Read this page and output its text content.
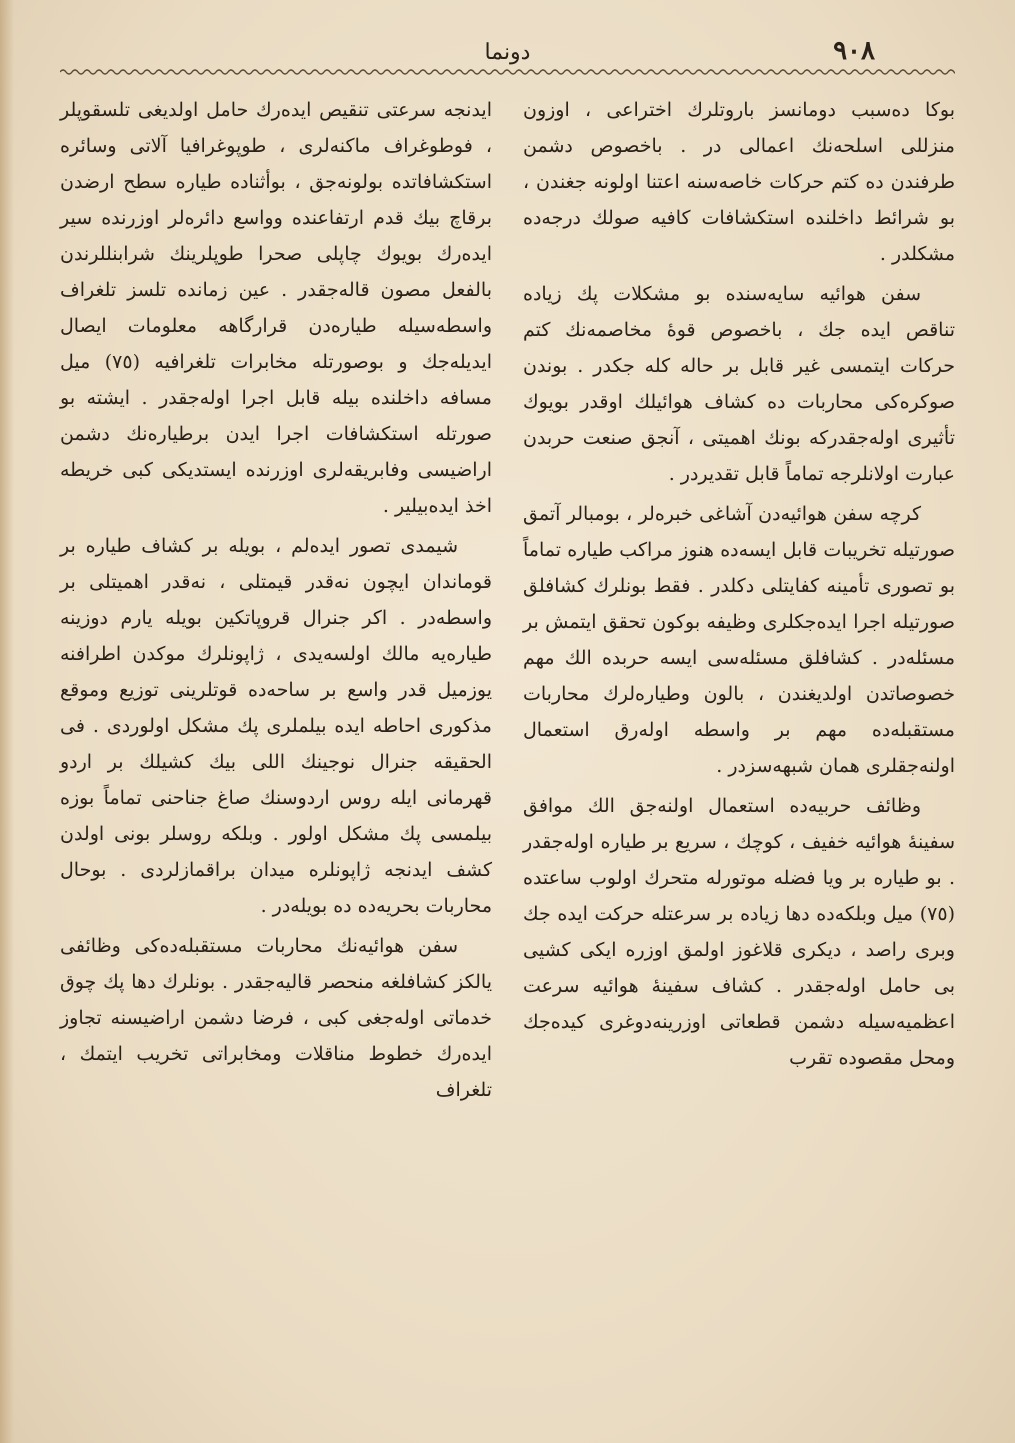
٩٠٨
دونما

بوكا دەسبب دومانسز باروتلرك اختراعى ، اوزون منزللى اسلحەنك اعمالى در . باخصوص دشمن طرفندن دە كتم حركات خاصەسنە اعتنا اولونە جغندن ، بو شرائط داخلندە استكشافات كافيە صولك درجەدە مشكلدر .

سفن هوائيە سايەسندە بو مشكلات پك زيادە تناقص ايدە جك ، باخصوص قوۀ مخاصمەنك كتم حركات ايتمسى غير قابل بر حالە كلە جكدر . بوندن صوكرەكى محاربات دە كشاف هوائيلك اوقدر بويوك تأثيرى اولەجقدركە بونك اهميتى ، آنجق صنعت حربدن عبارت اولانلرجە تماماً قابل تقديردر .

كرچە سفن هوائيەدن آشاغى خبرەلر ، بومبالر آتمق صورتيلە تخريبات قابل ايسەدە هنوز مراكب طيارە تماماً بو تصورى تأمينە كفايتلى دكلدر . فقط بونلرك كشافلق صورتيلە اجرا ايدەجكلرى وظيفە بوكون تحقق ايتمش بر مسئلەدر . كشافلق مسئلەسى ايسە حربدە الك مهم خصوصاتدن اولديغندن ، بالون وطيارەلرك محاربات مستقبلەدە مهم بر واسطە اولەرق استعمال اولنەجقلرى همان شبهەسزدر .

وظائف حربيەدە استعمال اولنەجق الك موافق سفينۀ هوائيە خفيف ، كوچك ، سريع بر طيارە اولەجقدر . بو طيارە بر ويا فضلە موتورلە متحرك اولوب ساعتدە (٧٥) ميل وبلكەدە دها زيادە بر سرعتلە حركت ايدە جك وبرى راصد ، ديكرى قلاغوز اولمق اوزرە ايكى كشيى بى حامل اولەجقدر . كشاف سفينۀ هوائيە سرعت اعظميەسيلە دشمن قطعاتى اوزرينەدوغرى كيدەجك ومحل مقصودە تقرب

ايدنجە سرعتى تنقيص ايدەرك حامل اولديغى تلسقوپلر ، فوطوغراف ماكنەلرى ، طوپوغرافيا آلاتى وسائرە استكشافاتدە بولونەجق ، بوأثنادە طيارە سطح ارضدن برقاچ بيك قدم ارتفاعندە وواسع دائرەلر اوزرندە سير ايدەرك بويوك چاپلى صحرا طوپلرينك شرابنللرندن بالفعل مصون قالەجقدر . عين زماندە تلسز تلغراف واسطەسيلە طيارەدن قرارگاهە معلومات ايصال ايديلەجك و بوصورتلە مخابرات تلغرافيە (٧٥) ميل مسافە داخلندە بيلە قابل اجرا اولەجقدر . ايشتە بو صورتلە استكشافات اجرا ايدن برطيارەنك دشمن اراضيسى وفابريقەلرى اوزرندە ايستديكى كبى خريطە اخذ ايدەبيلير .

شيمدى تصور ايدەلم ، بويلە بر كشاف طيارە بر قوماندان ايچون نەقدر قيمتلى ، نەقدر اهميتلى بر واسطەدر . اكر جنرال قروپاتكين بويلە يارم دوزينە طيارەيە مالك اولسەيدى ، ژاپونلرك موكدن اطرافنە يوزميل قدر واسع بر ساحەدە قوتلرينى توزيع وموقع مذكورى احاطە ايدە بيلملرى پك مشكل اولوردى . فى الحقيقە جنرال نوجينك اللى بيك كشيلك بر اردو قهرمانى ايلە روس اردوسنك صاغ جناحنى تماماً بوزە بيلمسى پك مشكل اولور . وبلكە روسلر بونى اولدن كشف ايدنجە ژاپونلرە ميدان براقمازلردى . بوحال محاربات بحريەدە دە بويلەدر .

سفن هوائيەنك محاربات مستقبلەدەكى وظائفى يالكز كشافلغە منحصر قاليەجقدر . بونلرك دها پك چوق خدماتى اولەجغى كبى ، فرضا دشمن اراضيسنە تجاوز ايدەرك خطوط مناقلات ومخابراتى تخريب ايتمك ، تلغراف
